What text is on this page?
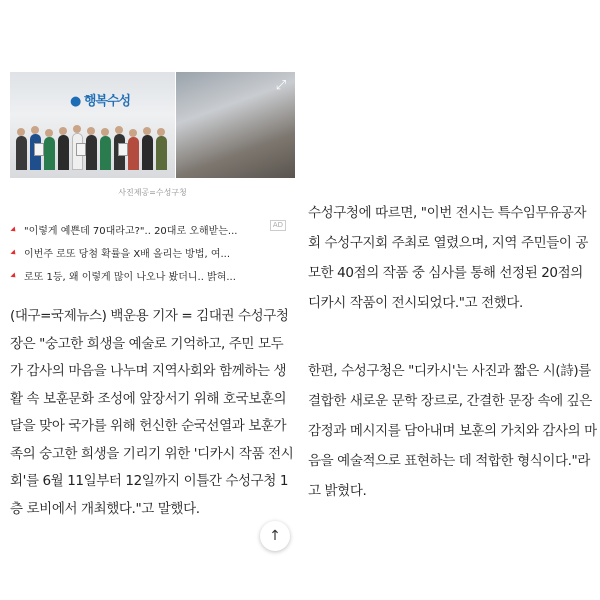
● 행복수성
⤢
사진제공=수성구청
AD
"이렇게 예쁜데 70대라고?".. 20대로 오해받는...
이번주 로또 당첨 확률을 X배 올리는 방법, 여...
로또 1등, 왜 이렇게 많이 나오나 봤더니.. 밝혀...

(대구=국제뉴스) 백운용 기자 = 김대권 수성구청장은 "숭고한 희생을 예술로 기억하고, 주민 모두가 감사의 마음을 나누며 지역사회와 함께하는 생활 속 보훈문화 조성에 앞장서기 위해 호국보훈의 달을 맞아 국가를 위해 헌신한 순국선열과 보훈가족의 숭고한 희생을 기리기 위한 '디카시 작품 전시회'를 6월 11일부터 12일까지 이틀간 수성구청 1층 로비에서 개최했다."고 말했다.

↑

수성구청에 따르면, "이번 전시는 특수임무유공자회 수성구지회 주최로 열렸으며, 지역 주민들이 공모한 40점의 작품 중 심사를 통해 선정된 20점의 디카시 작품이 전시되었다."고 전했다.

한편, 수성구청은 "디카시'는 사진과 짧은 시(詩)를 결합한 새로운 문학 장르로, 간결한 문장 속에 깊은 감정과 메시지를 담아내며 보훈의 가치와 감사의 마음을 예술적으로 표현하는 데 적합한 형식이다."라고 밝혔다.
